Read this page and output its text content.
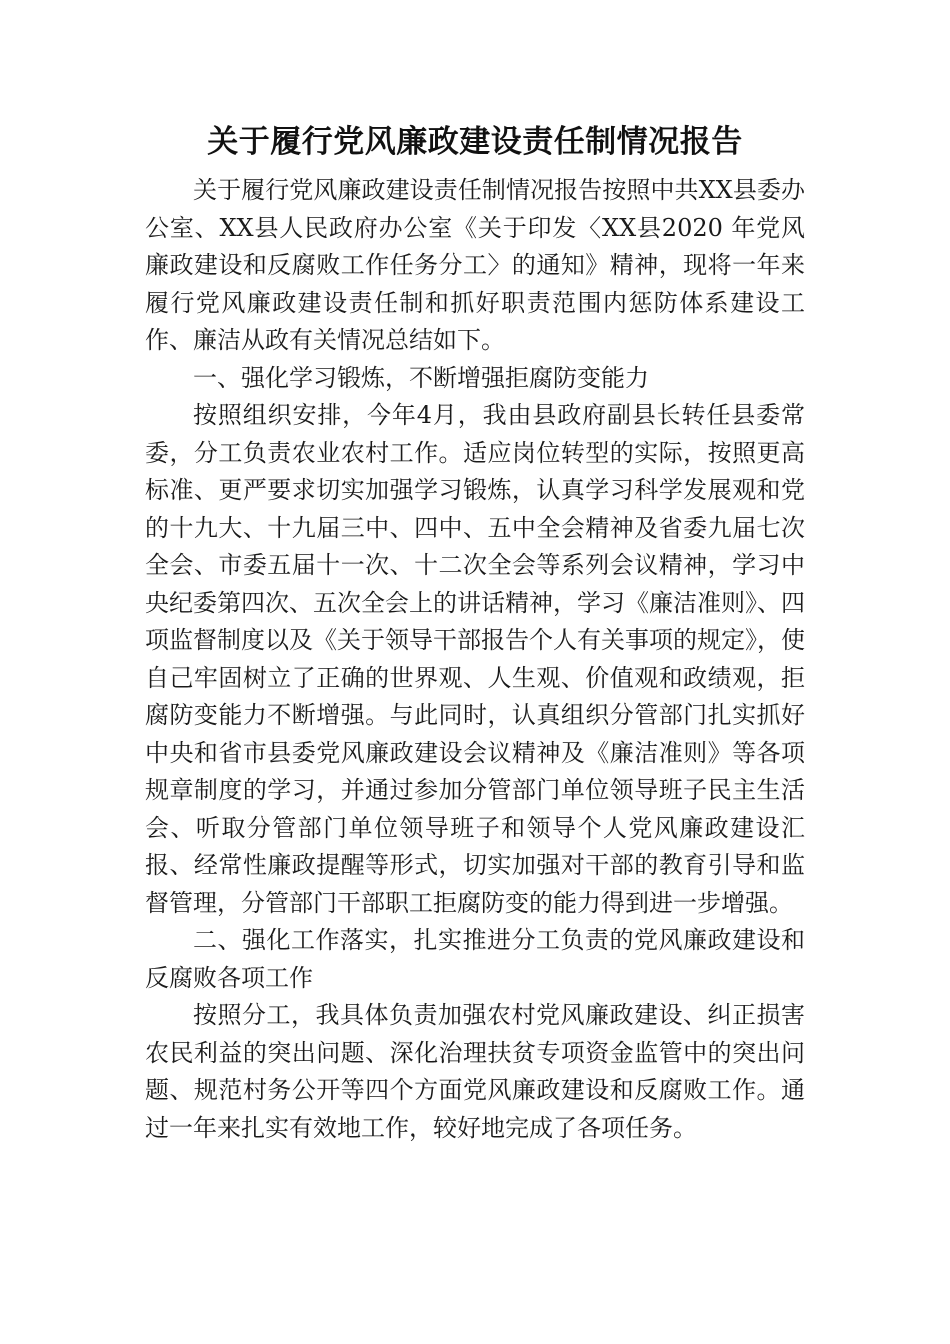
关于履行党风廉政建设责任制情况报告

关于履行党风廉政建设责任制情况报告按照中共XX县委办公室、XX县人民政府办公室《关于印发〈XX县2020 年党风廉政建设和反腐败工作任务分工〉的通知》精神，现将一年来履行党风廉政建设责任制和抓好职责范围内惩防体系建设工作、廉洁从政有关情况总结如下。

一、强化学习锻炼，不断增强拒腐防变能力

按照组织安排，今年4月，我由县政府副县长转任县委常委，分工负责农业农村工作。适应岗位转型的实际，按照更高标准、更严要求切实加强学习锻炼，认真学习科学发展观和党的十九大、十九届三中、四中、五中全会精神及省委九届七次全会、市委五届十一次、十二次全会等系列会议精神，学习中央纪委第四次、五次全会上的讲话精神，学习《廉洁准则》、四项监督制度以及《关于领导干部报告个人有关事项的规定》，使自己牢固树立了正确的世界观、人生观、价值观和政绩观，拒腐防变能力不断增强。与此同时，认真组织分管部门扎实抓好中央和省市县委党风廉政建设会议精神及《廉洁准则》等各项规章制度的学习，并通过参加分管部门单位领导班子民主生活会、听取分管部门单位领导班子和领导个人党风廉政建设汇报、经常性廉政提醒等形式，切实加强对干部的教育引导和监督管理，分管部门干部职工拒腐防变的能力得到进一步增强。

二、强化工作落实，扎实推进分工负责的党风廉政建设和反腐败各项工作

按照分工，我具体负责加强农村党风廉政建设、纠正损害农民利益的突出问题、深化治理扶贫专项资金监管中的突出问题、规范村务公开等四个方面党风廉政建设和反腐败工作。通过一年来扎实有效地工作，较好地完成了各项任务。
